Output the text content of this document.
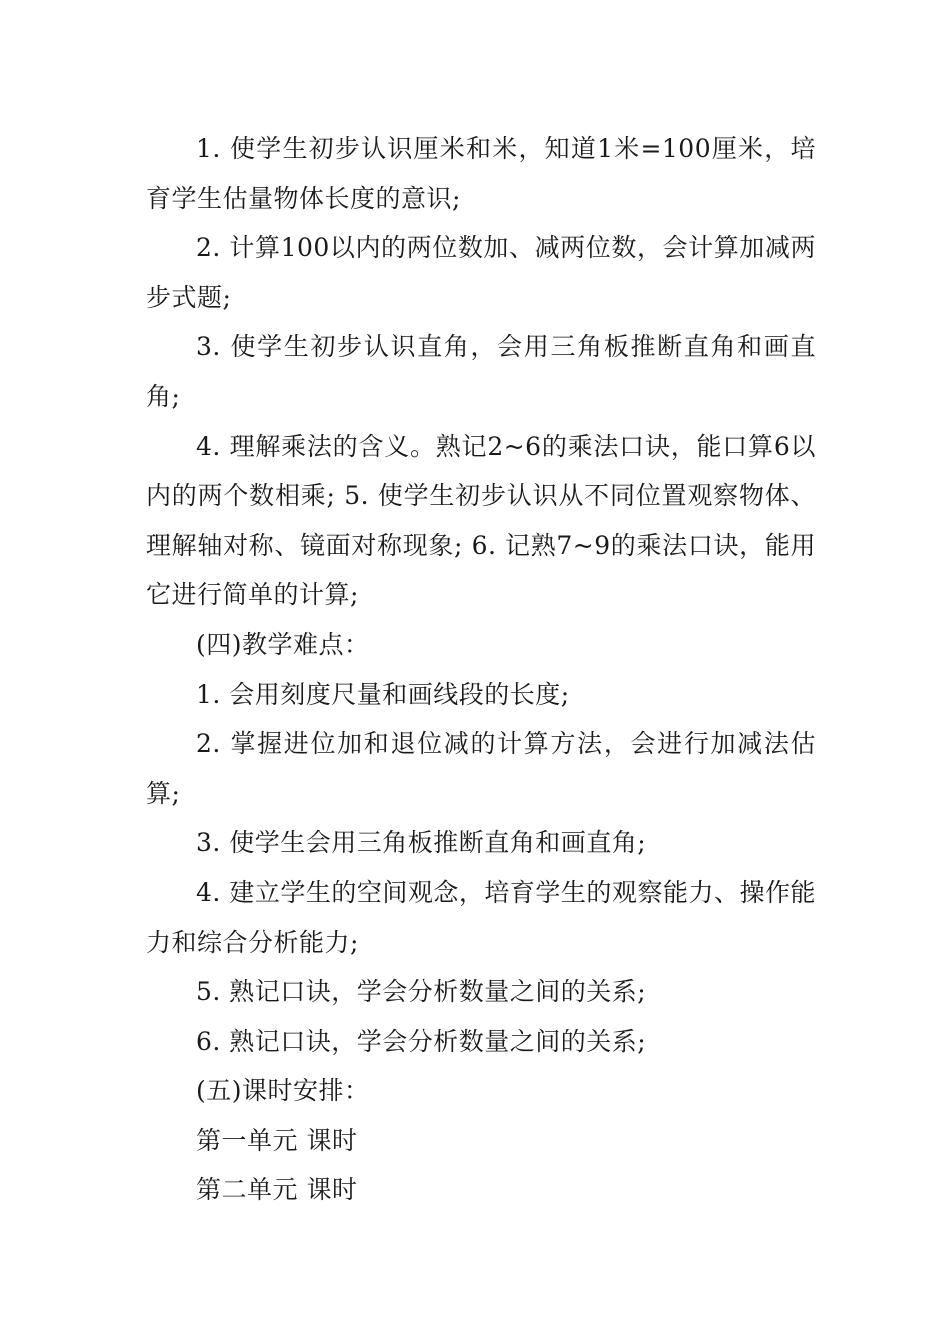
1. 使学生初步认识厘米和米，知道1米=100厘米，培育学生估量物体长度的意识;

2. 计算100以内的两位数加、减两位数，会计算加减两步式题;

3. 使学生初步认识直角，会用三角板推断直角和画直角;

4. 理解乘法的含义。熟记2~6的乘法口诀，能口算6以内的两个数相乘; 5. 使学生初步认识从不同位置观察物体、理解轴对称、镜面对称现象; 6. 记熟7~9的乘法口诀，能用它进行简单的计算;

(四)教学难点：

1. 会用刻度尺量和画线段的长度;

2. 掌握进位加和退位减的计算方法，会进行加减法估算;

3. 使学生会用三角板推断直角和画直角;

4. 建立学生的空间观念，培育学生的观察能力、操作能力和综合分析能力;

5. 熟记口诀，学会分析数量之间的关系;

6. 熟记口诀，学会分析数量之间的关系;

(五)课时安排：

第一单元 课时

第二单元 课时
